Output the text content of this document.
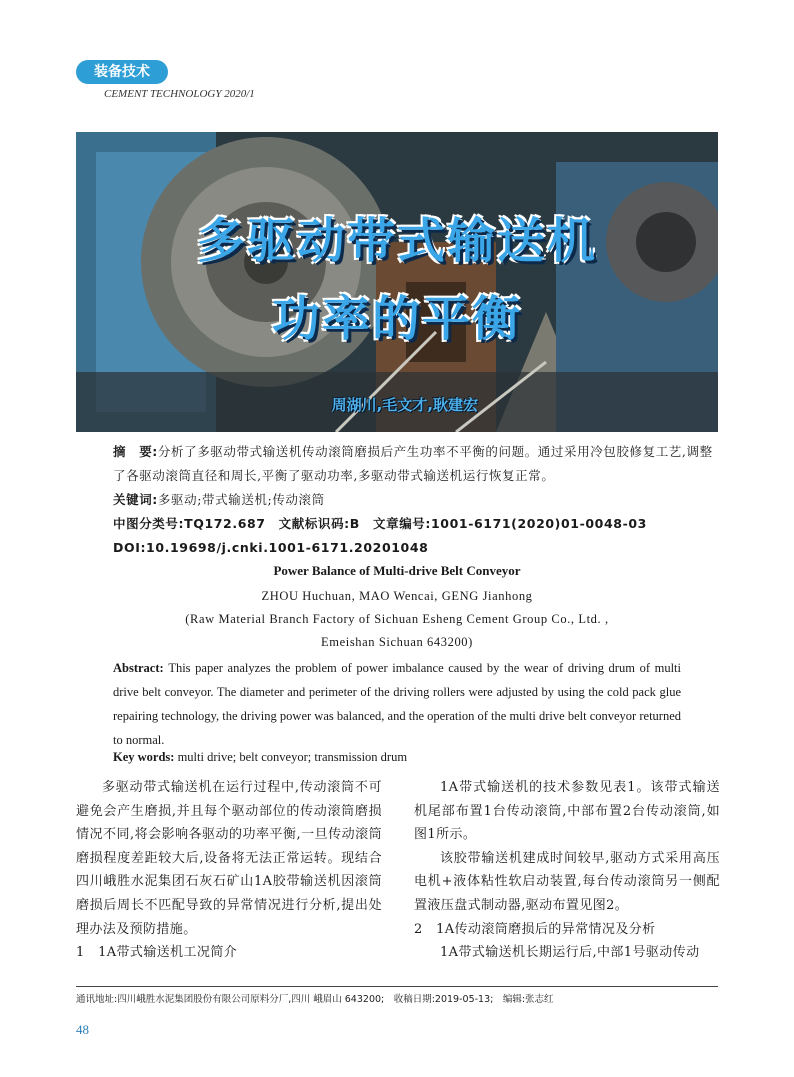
装备技术
CEMENT TECHNOLOGY 2020/1
多驱动带式输送机
功率的平衡
周湖川,毛文才,耿建宏
摘　要:分析了多驱动带式输送机传动滚筒磨损后产生功率不平衡的问题。通过采用冷包胶修复工艺,调整了各驱动滚筒直径和周长,平衡了驱动功率,多驱动带式输送机运行恢复正常。
关键词:多驱动;带式输送机;传动滚筒
中图分类号:TQ172.687　文献标识码:B　文章编号:1001-6171(2020)01-0048-03
DOI:10.19698/j.cnki.1001-6171.20201048
Power Balance of Multi-drive Belt Conveyor
ZHOU Huchuan, MAO Wencai, GENG Jianhong
(Raw Material Branch Factory of Sichuan Esheng Cement Group Co., Ltd. ,
Emeishan Sichuan 643200)
Abstract: This paper analyzes the problem of power imbalance caused by the wear of driving drum of multi drive belt conveyor. The diameter and perimeter of the driving rollers were adjusted by using the cold pack glue repairing technology, the driving power was balanced, and the operation of the multi drive belt conveyor returned to normal.
Key words: multi drive; belt conveyor; transmission drum

多驱动带式输送机在运行过程中,传动滚筒不可避免会产生磨损,并且每个驱动部位的传动滚筒磨损情况不同,将会影响各驱动的功率平衡,一旦传动滚筒磨损程度差距较大后,设备将无法正常运转。现结合四川峨胜水泥集团石灰石矿山1A胶带输送机因滚筒磨损后周长不匹配导致的异常情况进行分析,提出处理办法及预防措施。

1　1A带式输送机工况简介

1A带式输送机的技术参数见表1。该带式输送机尾部布置1台传动滚筒,中部布置2台传动滚筒,如图1所示。

该胶带输送机建成时间较早,驱动方式采用高压电机+液体粘性软启动装置,每台传动滚筒另一侧配置液压盘式制动器,驱动布置见图2。

2　1A传动滚筒磨损后的异常情况及分析

1A带式输送机长期运行后,中部1号驱动传动

通讯地址:四川峨胜水泥集团股份有限公司原料分厂,四川 峨眉山 643200;　收稿日期:2019-05-13;　编辑:张志红
48
